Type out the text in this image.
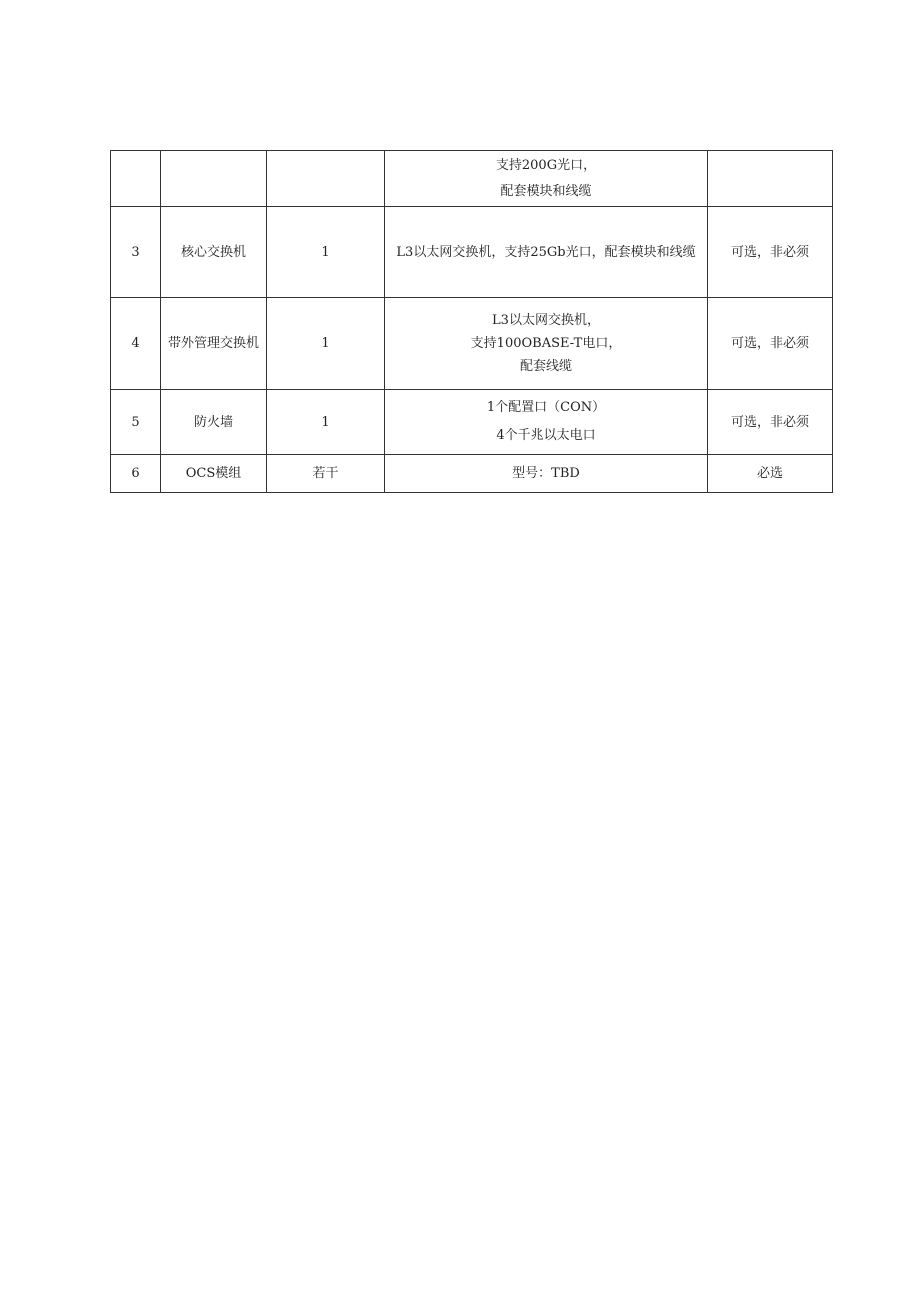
			支持200G光口，
配套模块和线缆	

3	核心交换机	1	L3以太网交换机，支持25Gb光口，配套模块和线缆	可选，非必须
4	带外管理交换机	1	L3以太网交换机，
支持100OBASE-T电口，
配套线缆	可选，非必须
5	防火墙	1	1个配置口（CON）
4个千兆以太电口	可选，非必须
6	OCS模组	若干	型号：TBD	必选
